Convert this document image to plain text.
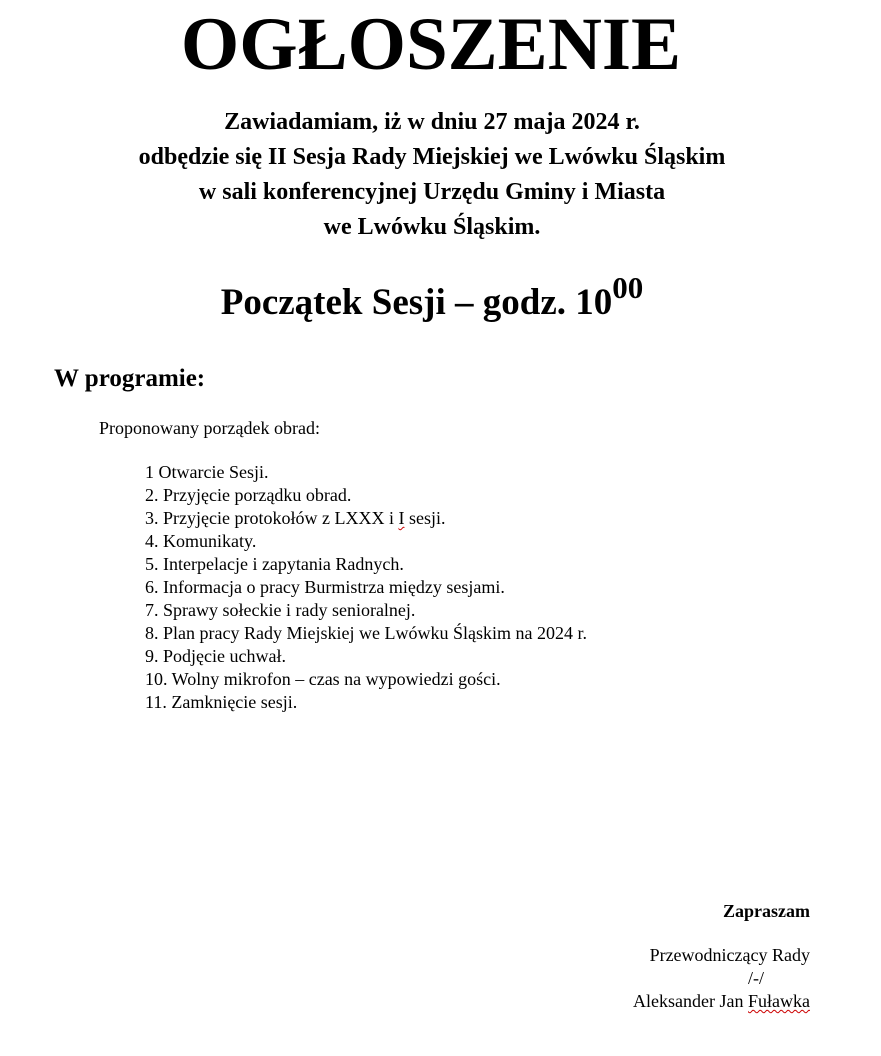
OGŁOSZENIE
Zawiadamiam, iż w dniu 27 maja 2024 r.
odbędzie się II Sesja Rady Miejskiej we Lwówku Śląskim
w sali konferencyjnej Urzędu Gminy i Miasta
we Lwówku Śląskim.
Początek Sesji – godz. $10^{00}$
W programie:
Proponowany porządek obrad:
1 Otwarcie Sesji.
2. Przyjęcie porządku obrad.
3. Przyjęcie protokołów z LXXX i I sesji.
4. Komunikaty.
5. Interpelacje i zapytania Radnych.
6. Informacja o pracy Burmistrza między sesjami.
7. Sprawy sołeckie i rady senioralnej.
8. Plan pracy Rady Miejskiej we Lwówku Śląskim na 2024 r.
9. Podjęcie uchwał.
10. Wolny mikrofon – czas na wypowiedzi gości.
11. Zamknięcie sesji.
Zapraszam
Przewodniczący Rady
/-/
Aleksander Jan Fuławka
